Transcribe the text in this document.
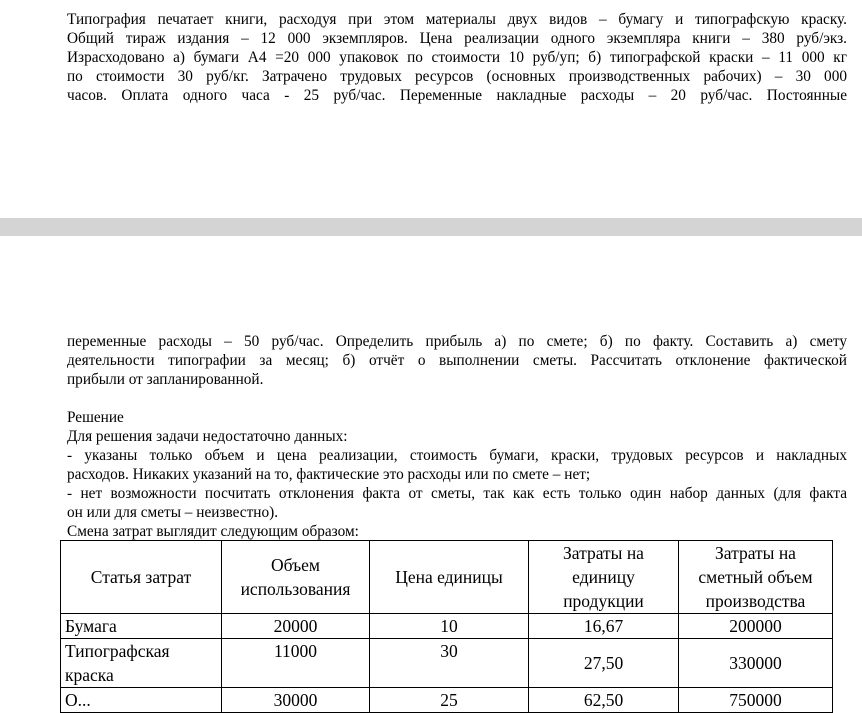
Типография печатает книги, расходуя при этом материалы двух видов – бумагу и типографскую краску.

Общий тираж издания – 12 000 экземпляров. Цена реализации одного экземпляра книги – 380 руб/экз.

Израсходовано а) бумаги А4 =20 000 упаковок по стоимости 10 руб/уп; б) типографской краски – 11 000 кг

по стоимости 30 руб/кг. Затрачено трудовых ресурсов (основных производственных рабочих) – 30 000

часов. Оплата одного часа - 25 руб/час. Переменные накладные расходы – 20 руб/час. Постоянные

переменные расходы – 50 руб/час. Определить прибыль а) по смете; б) по факту. Составить а) смету

деятельности типографии за месяц; б) отчёт о выполнении сметы. Рассчитать отклонение фактической

прибыли от запланированной.

Решение

Для решения задачи недостаточно данных:

- указаны только объем и цена реализации, стоимость бумаги, краски, трудовых ресурсов и накладных

расходов. Никаких указаний на то, фактические это расходы или по смете – нет;

- нет возможности посчитать отклонения факта от сметы, так как есть только один набор данных (для факта

он или для сметы – неизвестно).

Смена затрат выглядит следующим образом:

Статья затрат	Объем использования	Цена единицы	Затраты на единицу продукции	Затраты на сметный объем производства
Бумага	20000	10	16,67	200000
Типографская краска	11000	30	27,50	330000
О...	30000	25	62,50	750000
